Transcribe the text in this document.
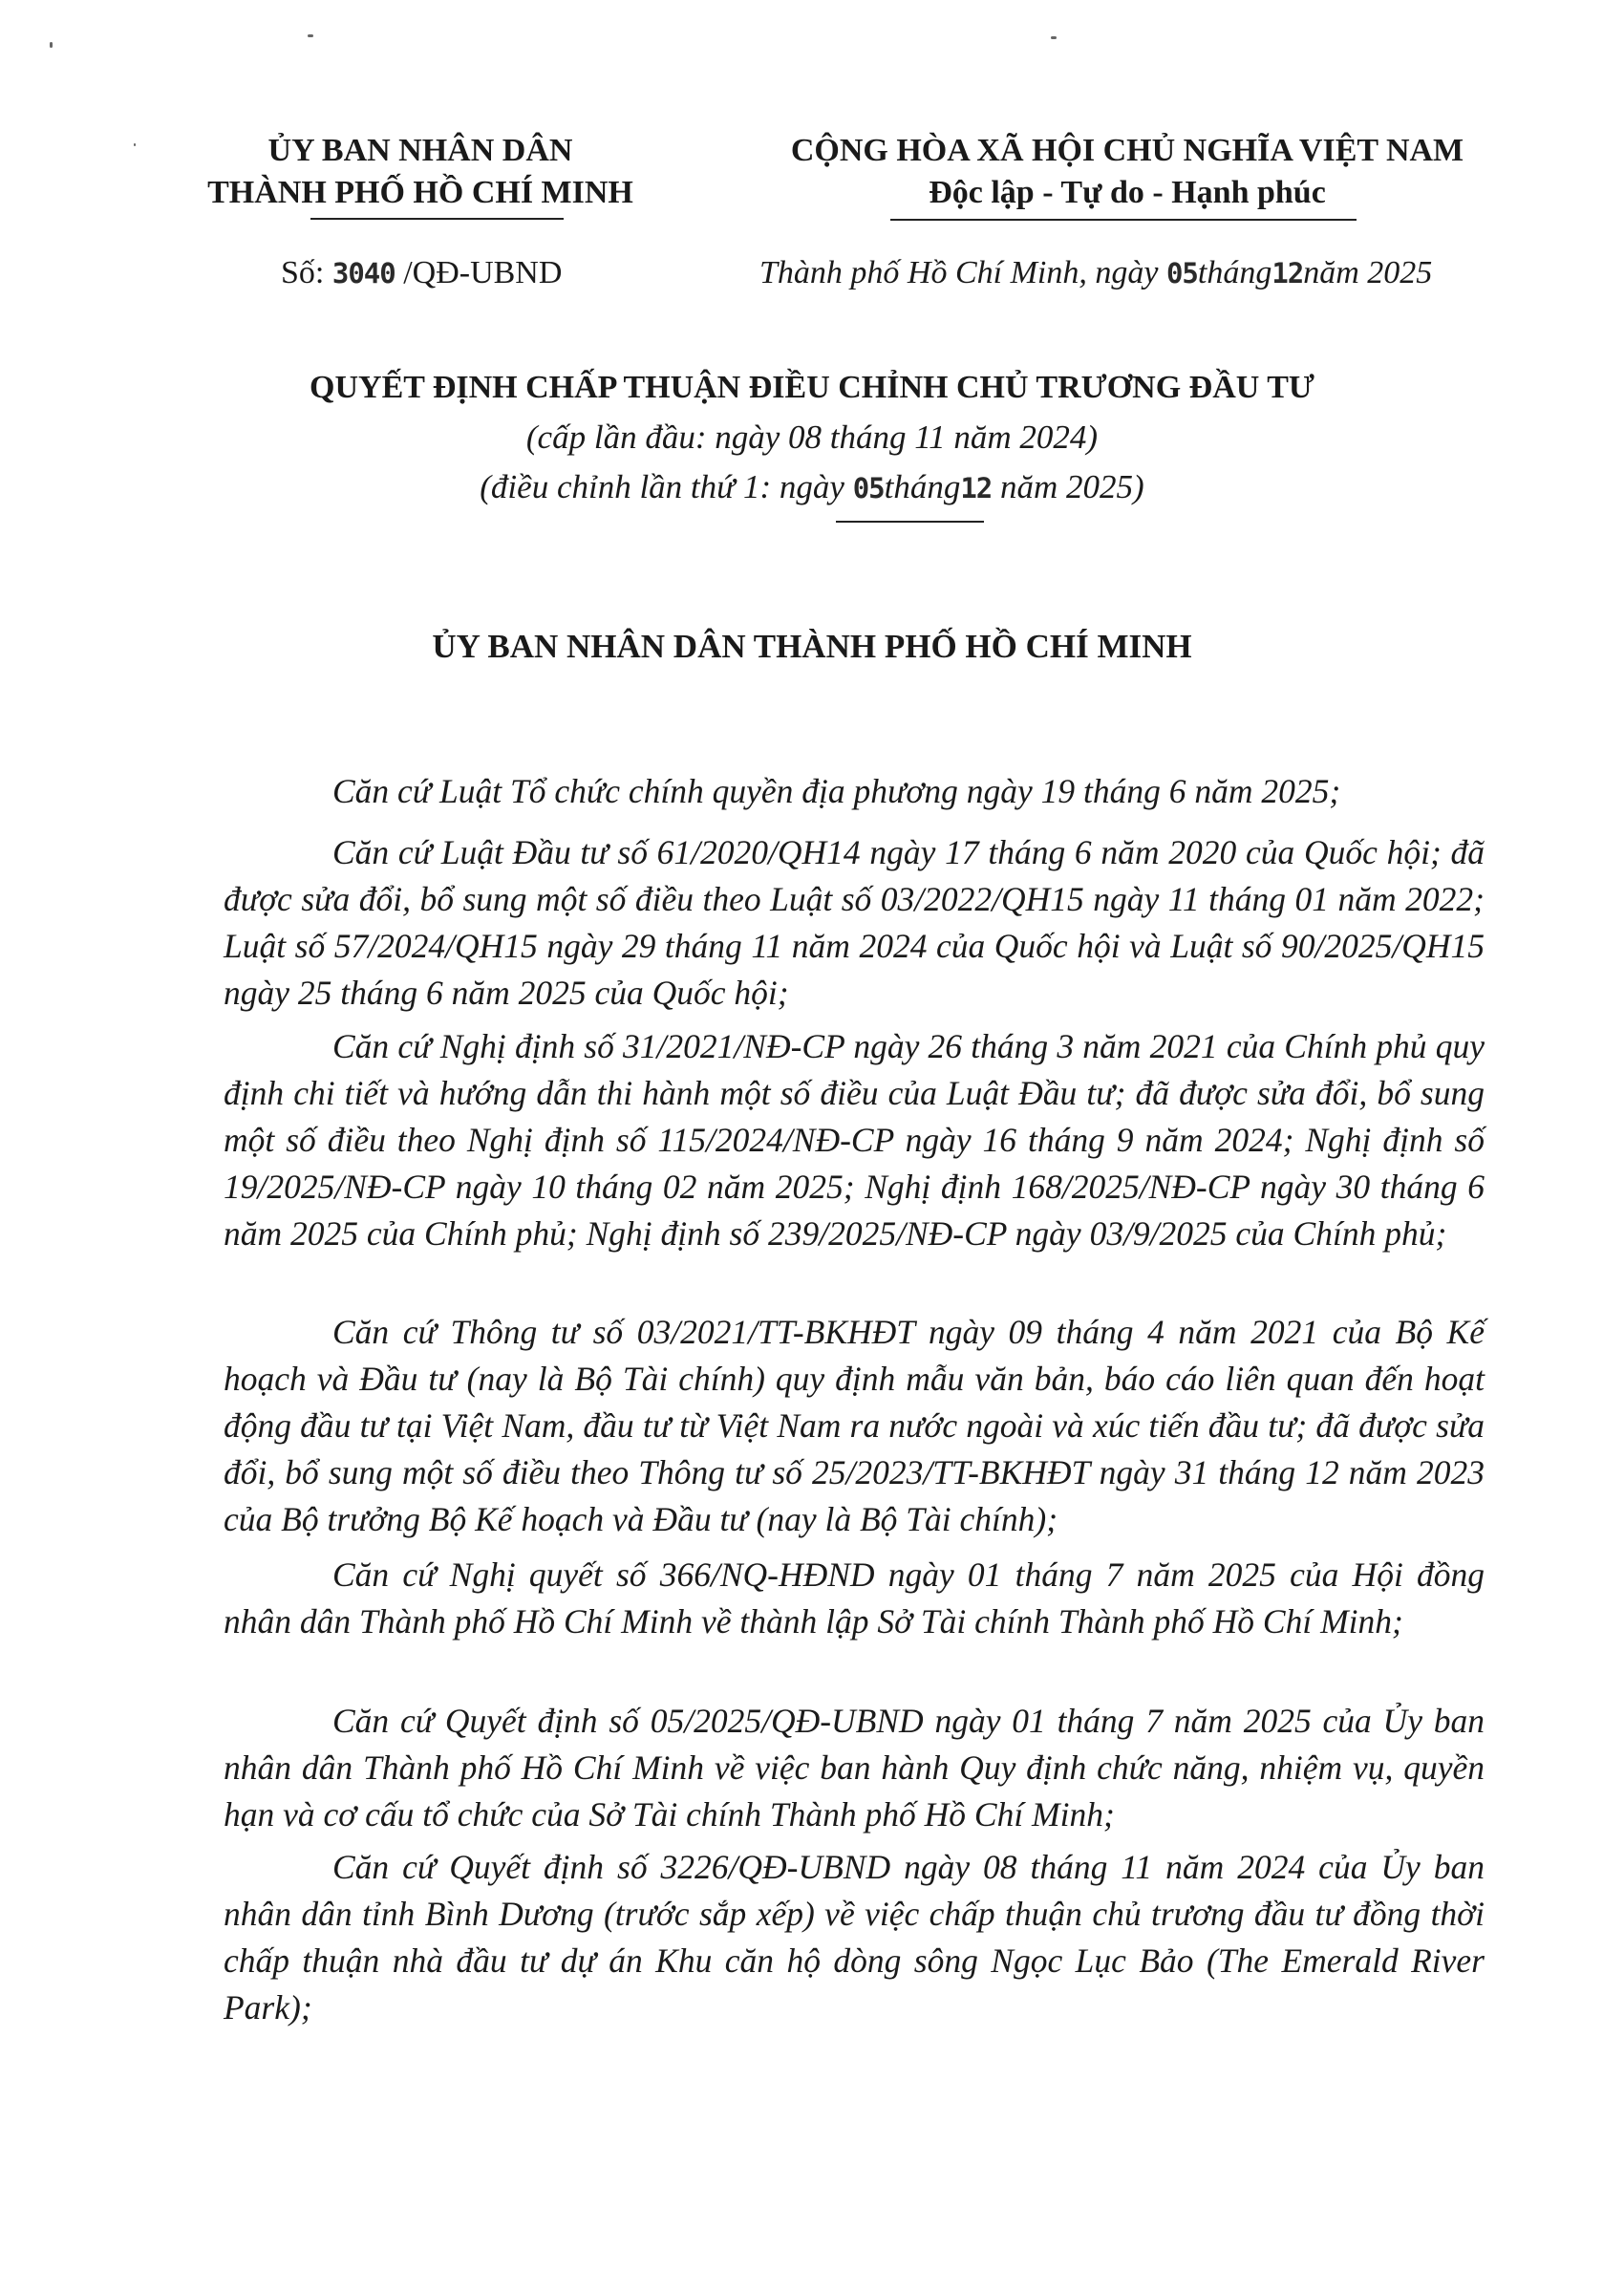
ỦY BAN NHÂN DÂN
THÀNH PHỐ HỒ CHÍ MINH
CỘNG HÒA XÃ HỘI CHỦ NGHĨA VIỆT NAM
Độc lập - Tự do - Hạnh phúc
Số: 3040 /QĐ-UBND	Thành phố Hồ Chí Minh, ngày 05tháng12năm 2025
QUYẾT ĐỊNH CHẤP THUẬN ĐIỀU CHỈNH CHỦ TRƯƠNG ĐẦU TƯ
(cấp lần đầu: ngày 08 tháng 11 năm 2024)
(điều chỉnh lần thứ 1: ngày 05tháng12 năm 2025)
ỦY BAN NHÂN DÂN THÀNH PHỐ HỒ CHÍ MINH

Căn cứ Luật Tổ chức chính quyền địa phương ngày 19 tháng 6 năm 2025;

Căn cứ Luật Đầu tư số 61/2020/QH14 ngày 17 tháng 6 năm 2020 của Quốc hội; đã được sửa đổi, bổ sung một số điều theo Luật số 03/2022/QH15 ngày 11 tháng 01 năm 2022; Luật số 57/2024/QH15 ngày 29 tháng 11 năm 2024 của Quốc hội và Luật số 90/2025/QH15 ngày 25 tháng 6 năm 2025 của Quốc hội;

Căn cứ Nghị định số 31/2021/NĐ-CP ngày 26 tháng 3 năm 2021 của Chính phủ quy định chi tiết và hướng dẫn thi hành một số điều của Luật Đầu tư; đã được sửa đổi, bổ sung một số điều theo Nghị định số 115/2024/NĐ-CP ngày 16 tháng 9 năm 2024; Nghị định số 19/2025/NĐ-CP ngày 10 tháng 02 năm 2025; Nghị định 168/2025/NĐ-CP ngày 30 tháng 6 năm 2025 của Chính phủ; Nghị định số 239/2025/NĐ-CP ngày 03/9/2025 của Chính phủ;

Căn cứ Thông tư số 03/2021/TT-BKHĐT ngày 09 tháng 4 năm 2021 của Bộ Kế hoạch và Đầu tư (nay là Bộ Tài chính) quy định mẫu văn bản, báo cáo liên quan đến hoạt động đầu tư tại Việt Nam, đầu tư từ Việt Nam ra nước ngoài và xúc tiến đầu tư; đã được sửa đổi, bổ sung một số điều theo Thông tư số 25/2023/TT-BKHĐT ngày 31 tháng 12 năm 2023 của Bộ trưởng Bộ Kế hoạch và Đầu tư (nay là Bộ Tài chính);

Căn cứ Nghị quyết số 366/NQ-HĐND ngày 01 tháng 7 năm 2025 của Hội đồng nhân dân Thành phố Hồ Chí Minh về thành lập Sở Tài chính Thành phố Hồ Chí Minh;

Căn cứ Quyết định số 05/2025/QĐ-UBND ngày 01 tháng 7 năm 2025 của Ủy ban nhân dân Thành phố Hồ Chí Minh về việc ban hành Quy định chức năng, nhiệm vụ, quyền hạn và cơ cấu tổ chức của Sở Tài chính Thành phố Hồ Chí Minh;

Căn cứ Quyết định số 3226/QĐ-UBND ngày 08 tháng 11 năm 2024 của Ủy ban nhân dân tỉnh Bình Dương (trước sắp xếp) về việc chấp thuận chủ trương đầu tư đồng thời chấp thuận nhà đầu tư dự án Khu căn hộ dòng sông Ngọc Lục Bảo (The Emerald River Park);
